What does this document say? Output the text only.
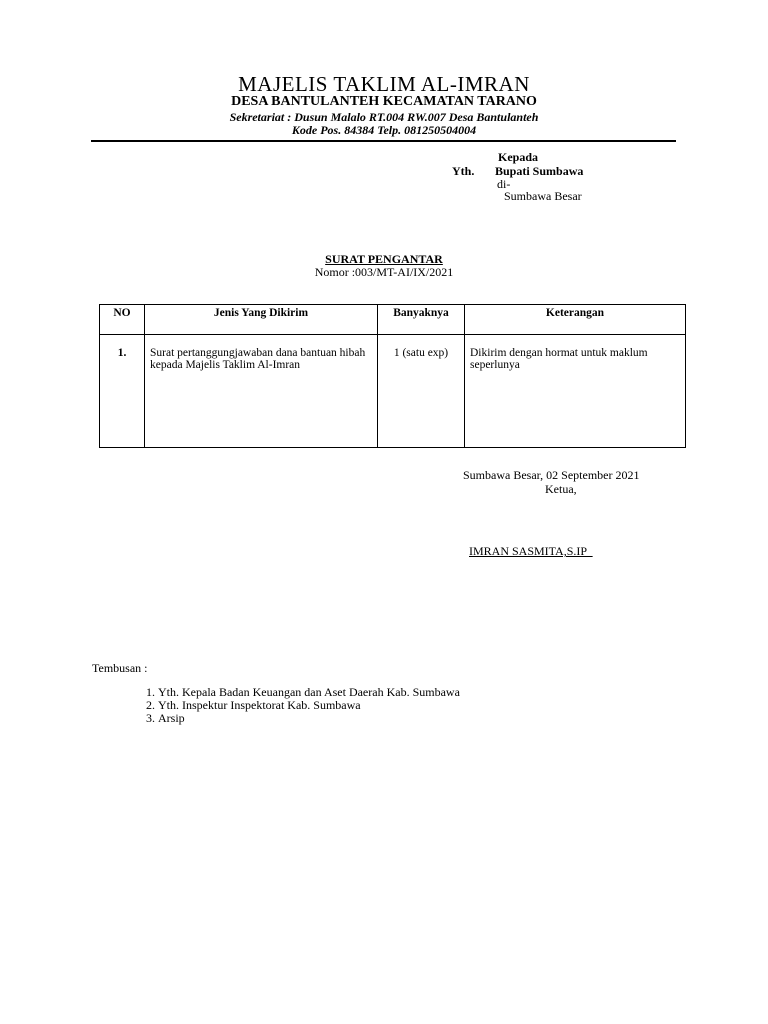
MAJELIS TAKLIM AL-IMRAN
DESA BANTULANTEH KECAMATAN TARANO
Sekretariat : Dusun Malalo RT.004 RW.007 Desa Bantulanteh
Kode Pos. 84384 Telp. 081250504004
Kepada
Yth. Bupati Sumbawa
di-
Sumbawa Besar
SURAT PENGANTAR
Nomor :003/MT-AI/IX/2021
NO	Jenis Yang Dikirim	Banyaknya	Keterangan
1.	Surat pertanggungjawaban dana bantuan hibah kepada Majelis Taklim Al-Imran	1 (satu exp)	Dikirim dengan hormat untuk maklum seperlunya
Sumbawa Besar, 02 September 2021
Ketua,
IMRAN SASMITA,S.IP
Tembusan :
1. Yth. Kepala Badan Keuangan dan Aset Daerah Kab. Sumbawa
2. Yth. Inspektur Inspektorat Kab. Sumbawa
3. Arsip
